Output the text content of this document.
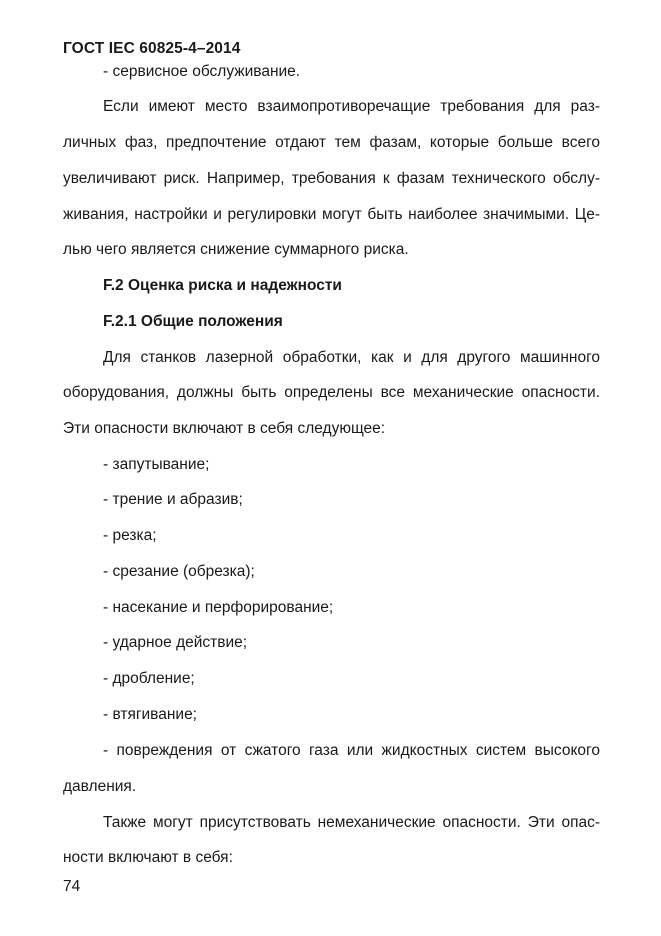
ГОСТ IEC 60825-4–2014
- сервисное обслуживание.
Если имеют место взаимопротиворечащие требования для раз-
личных фаз, предпочтение отдают тем фазам, которые больше всего
увеличивают риск. Например, требования к фазам технического обслу-
живания, настройки и регулировки могут быть наиболее значимыми. Це-
лью чего является снижение суммарного риска.
F.2 Оценка риска и надежности
F.2.1 Общие положения
Для станков лазерной обработки, как и для другого машинного
оборудования, должны быть определены все механические опасности.
Эти опасности включают в себя следующее:
- запутывание;
- трение и абразив;
- резка;
- срезание (обрезка);
- насекание и перфорирование;
- ударное действие;
- дробление;
- втягивание;
- повреждения от сжатого газа или жидкостных систем высокого
давления.
Также могут присутствовать немеханические опасности. Эти опас-
ности включают в себя:
74
